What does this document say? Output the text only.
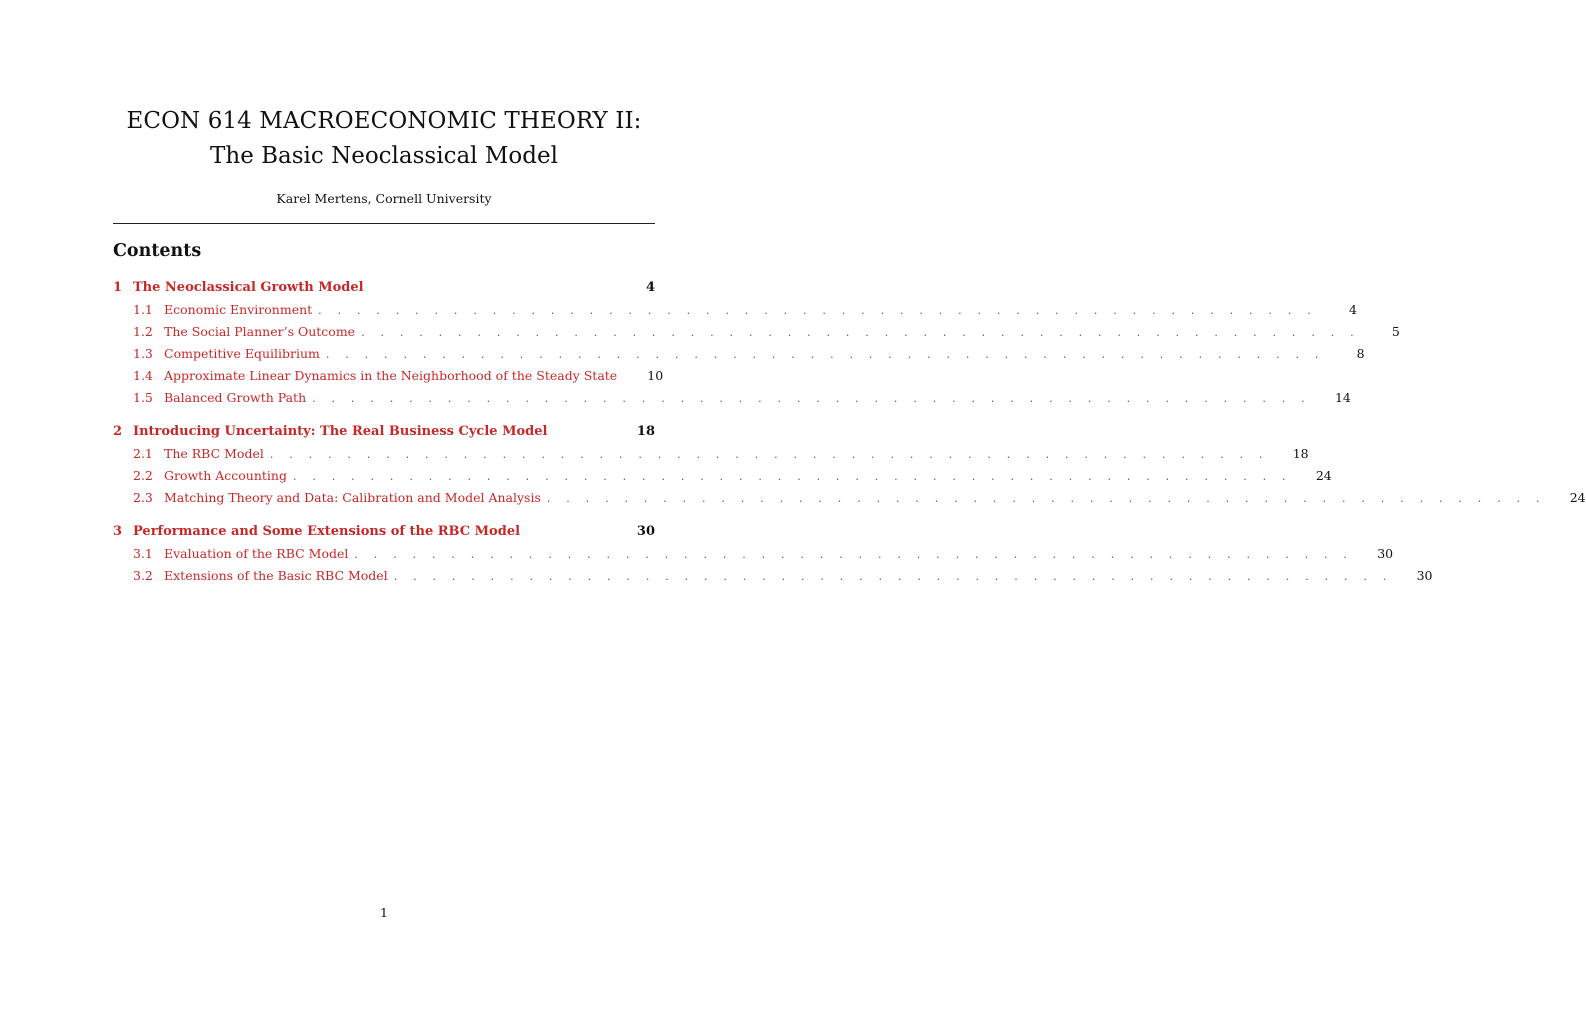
ECON 614 MACROECONOMIC THEORY II:
The Basic Neoclassical Model
Karel Mertens, Cornell University
Contents
1 The Neoclassical Growth Model	4
1.1 Economic Environment . . . . . . . . . . . . . . . . . . . . . . . . . . . . . . . . . . . . . . . . . . . . . . . . . . . .	4
1.2 The Social Planner’s Outcome . . . . . . . . . . . . . . . . . . . . . . . . . . . . . . . . . . . . . . . . . . . . . . . . . . . .	5
1.3 Competitive Equilibrium . . . . . . . . . . . . . . . . . . . . . . . . . . . . . . . . . . . . . . . . . . . . . . . . . . . .	8
1.4 Approximate Linear Dynamics in the Neighborhood of the Steady State	10
1.5 Balanced Growth Path . . . . . . . . . . . . . . . . . . . . . . . . . . . . . . . . . . . . . . . . . . . . . . . . . . . .	14
2 Introducing Uncertainty: The Real Business Cycle Model	18
2.1 The RBC Model . . . . . . . . . . . . . . . . . . . . . . . . . . . . . . . . . . . . . . . . . . . . . . . . . . . .	18
2.2 Growth Accounting . . . . . . . . . . . . . . . . . . . . . . . . . . . . . . . . . . . . . . . . . . . . . . . . . . . .	24
2.3 Matching Theory and Data: Calibration and Model Analysis . . . . . . . . . . . . . . . . . . . . . . . . . . . . . . . . . . . . . . . . . . . . . . . . . . . .	24
3 Performance and Some Extensions of the RBC Model	30
3.1 Evaluation of the RBC Model . . . . . . . . . . . . . . . . . . . . . . . . . . . . . . . . . . . . . . . . . . . . . . . . . . . .	30
3.2 Extensions of the Basic RBC Model . . . . . . . . . . . . . . . . . . . . . . . . . . . . . . . . . . . . . . . . . . . . . . . . . . . .	30
1
